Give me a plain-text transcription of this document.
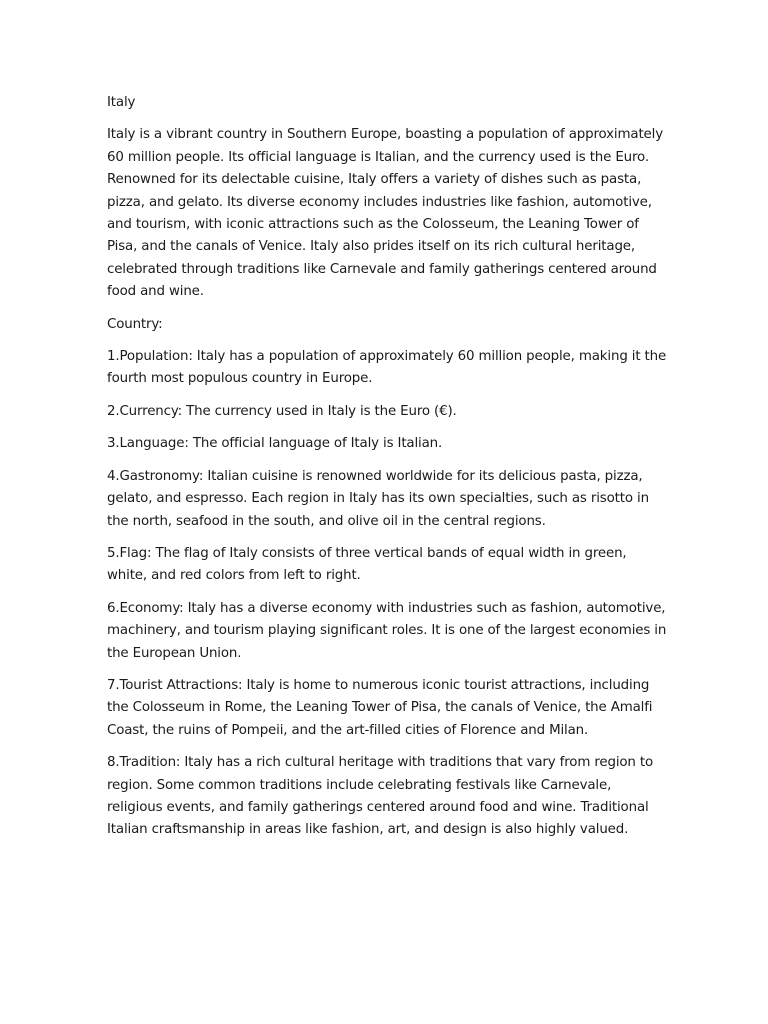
Italy

Italy is a vibrant country in Southern Europe, boasting a population of approximately 60 million people. Its official language is Italian, and the currency used is the Euro. Renowned for its delectable cuisine, Italy offers a variety of dishes such as pasta, pizza, and gelato. Its diverse economy includes industries like fashion, automotive, and tourism, with iconic attractions such as the Colosseum, the Leaning Tower of Pisa, and the canals of Venice. Italy also prides itself on its rich cultural heritage, celebrated through traditions like Carnevale and family gatherings centered around food and wine.

Country:

1.Population: Italy has a population of approximately 60 million people, making it the fourth most populous country in Europe.

2.Currency: The currency used in Italy is the Euro (€).

3.Language: The official language of Italy is Italian.

4.Gastronomy: Italian cuisine is renowned worldwide for its delicious pasta, pizza, gelato, and espresso. Each region in Italy has its own specialties, such as risotto in the north, seafood in the south, and olive oil in the central regions.

5.Flag: The flag of Italy consists of three vertical bands of equal width in green, white, and red colors from left to right.

6.Economy: Italy has a diverse economy with industries such as fashion, automotive, machinery, and tourism playing significant roles. It is one of the largest economies in the European Union.

7.Tourist Attractions: Italy is home to numerous iconic tourist attractions, including the Colosseum in Rome, the Leaning Tower of Pisa, the canals of Venice, the Amalfi Coast, the ruins of Pompeii, and the art-filled cities of Florence and Milan.

8.Tradition: Italy has a rich cultural heritage with traditions that vary from region to region. Some common traditions include celebrating festivals like Carnevale, religious events, and family gatherings centered around food and wine. Traditional Italian craftsmanship in areas like fashion, art, and design is also highly valued.
